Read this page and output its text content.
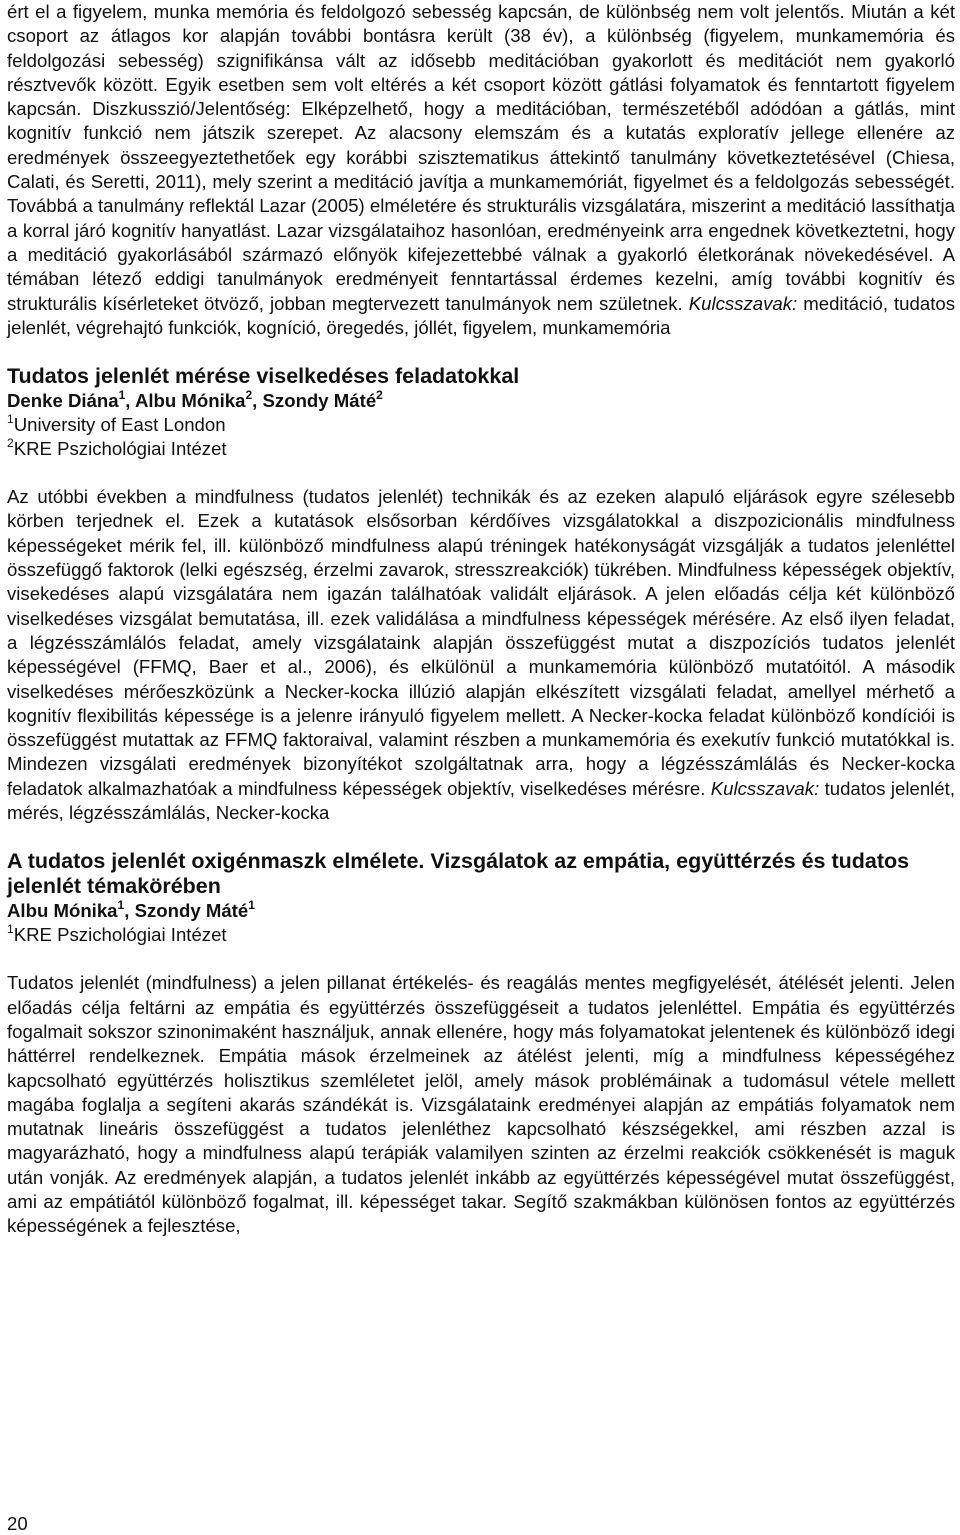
ért el a figyelem, munka memória és feldolgozó sebesség kapcsán, de különbség nem volt jelentős. Miután a két csoport az átlagos kor alapján további bontásra került (38 év), a különbség (figyelem, munkamemória és feldolgozási sebesség) szignifikánsa vált az idősebb meditációban gyakorlott és meditációt nem gyakorló résztvevők között. Egyik esetben sem volt eltérés a két csoport között gátlási folyamatok és fenntartott figyelem kapcsán. Diszkusszió/Jelentőség: Elképzelhető, hogy a meditációban, természetéből adódóan a gátlás, mint kognitív funkció nem játszik szerepet. Az alacsony elemszám és a kutatás exploratív jellege ellenére az eredmények összeegyeztethetőek egy korábbi szisztematikus áttekintő tanulmány következtetésével (Chiesa, Calati, és Seretti, 2011), mely szerint a meditáció javítja a munkamemóriát, figyelmet és a feldolgozás sebességét. Továbbá a tanulmány reflektál Lazar (2005) elméletére és strukturális vizsgálatára, miszerint a meditáció lassíthatja a korral járó kognitív hanyatlást. Lazar vizsgálataihoz hasonlóan, eredményeink arra engednek következtetni, hogy a meditáció gyakorlásából származó előnyök kifejezettebbé válnak a gyakorló életkorának növekedésével. A témában létező eddigi tanulmányok eredményeit fenntartással érdemes kezelni, amíg további kognitív és strukturális kísérleteket ötvöző, jobban megtervezett tanulmányok nem születnek. Kulcsszavak: meditáció, tudatos jelenlét, végrehajtó funkciók, kogníció, öregedés, jóllét, figyelem, munkamemória

Tudatos jelenlét mérése viselkedéses feladatokkal

Denke Diána$^1$, Albu Mónika$^2$, Szondy Máté$^2$

$^1$University of East London

$^2$KRE Pszichológiai Intézet

Az utóbbi években a mindfulness (tudatos jelenlét) technikák és az ezeken alapuló eljárások egyre szélesebb körben terjednek el. Ezek a kutatások elsősorban kérdőíves vizsgálatokkal a diszpozicionális mindfulness képességeket mérik fel, ill. különböző mindfulness alapú tréningek hatékonyságát vizsgálják a tudatos jelenléttel összefüggő faktorok (lelki egészség, érzelmi zavarok, stresszreakciók) tükrében. Mindfulness képességek objektív, visekedéses alapú vizsgálatára nem igazán találhatóak validált eljárások. A jelen előadás célja két különböző viselkedéses vizsgálat bemutatása, ill. ezek validálása a mindfulness képességek mérésére. Az első ilyen feladat, a légzésszámlálós feladat, amely vizsgálataink alapján összefüggést mutat a diszpozíciós tudatos jelenlét képességével (FFMQ, Baer et al., 2006), és elkülönül a munkamemória különböző mutatóitól. A második viselkedéses mérőeszközünk a Necker-kocka illúzió alapján elkészített vizsgálati feladat, amellyel mérhető a kognitív flexibilitás képessége is a jelenre irányuló figyelem mellett. A Necker-kocka feladat különböző kondíciói is összefüggést mutattak az FFMQ faktoraival, valamint részben a munkamemória és exekutív funkció mutatókkal is. Mindezen vizsgálati eredmények bizonyítékot szolgáltatnak arra, hogy a légzésszámlálás és Necker-kocka feladatok alkalmazhatóak a mindfulness képességek objektív, viselkedéses mérésre. Kulcsszavak: tudatos jelenlét, mérés, légzésszámlálás, Necker-kocka

A tudatos jelenlét oxigénmaszk elmélete. Vizsgálatok az empátia, együttérzés és tudatos jelenlét témakörében

Albu Mónika$^1$, Szondy Máté$^1$

$^1$KRE Pszichológiai Intézet

Tudatos jelenlét (mindfulness) a jelen pillanat értékelés- és reagálás mentes megfigyelését, átélését jelenti. Jelen előadás célja feltárni az empátia és együttérzés összefüggéseit a tudatos jelenléttel. Empátia és együttérzés fogalmait sokszor szinonimaként használjuk, annak ellenére, hogy más folyamatokat jelentenek és különböző idegi háttérrel rendelkeznek. Empátia mások érzelmeinek az átélést jelenti, míg a mindfulness képességéhez kapcsolható együttérzés holisztikus szemléletet jelöl, amely mások problémáinak a tudomásul vétele mellett magába foglalja a segíteni akarás szándékát is. Vizsgálataink eredményei alapján az empátiás folyamatok nem mutatnak lineáris összefüggést a tudatos jelenléthez kapcsolható készségekkel, ami részben azzal is magyarázható, hogy a mindfulness alapú terápiák valamilyen szinten az érzelmi reakciók csökkenését is maguk után vonják. Az eredmények alapján, a tudatos jelenlét inkább az együttérzés képességével mutat összefüggést, ami az empátiától különböző fogalmat, ill. képességet takar. Segítő szakmákban különösen fontos az együttérzés képességének a fejlesztése,

20
